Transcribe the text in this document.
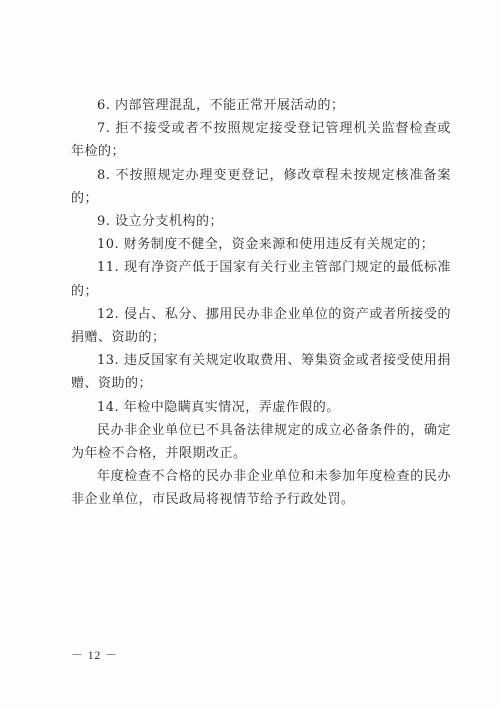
6. 内部管理混乱，不能正常开展活动的；

7. 拒不接受或者不按照规定接受登记管理机关监督检查或年检的；

8. 不按照规定办理变更登记，修改章程未按规定核准备案的；

9. 设立分支机构的；

10. 财务制度不健全，资金来源和使用违反有关规定的；

11. 现有净资产低于国家有关行业主管部门规定的最低标准的；

12. 侵占、私分、挪用民办非企业单位的资产或者所接受的捐赠、资助的；

13. 违反国家有关规定收取费用、筹集资金或者接受使用捐赠、资助的；

14. 年检中隐瞒真实情况，弄虚作假的。

民办非企业单位已不具备法律规定的成立必备条件的，确定为年检不合格，并限期改正。

年度检查不合格的民办非企业单位和未参加年度检查的民办非企业单位，市民政局将视情节给予行政处罚。

－ 12 －
